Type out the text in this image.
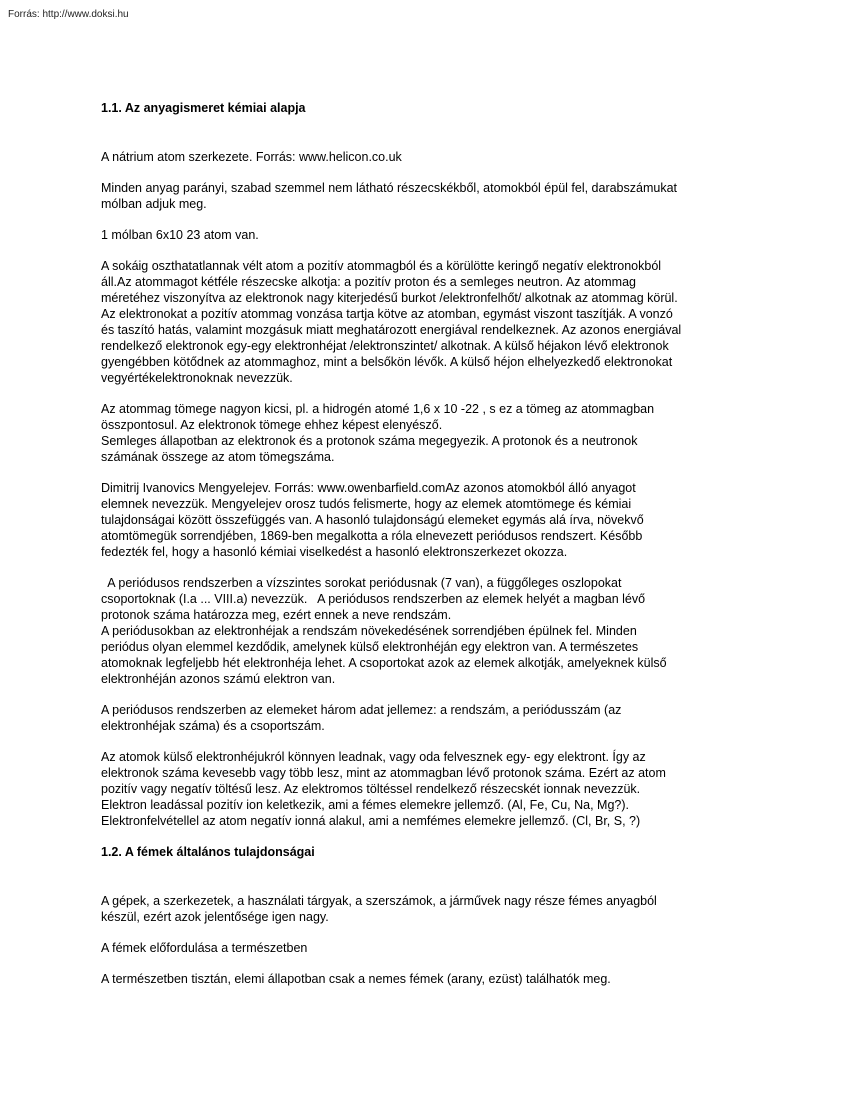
Forrás: http://www.doksi.hu
1.1. Az anyagismeret kémiai alapja
A nátrium atom szerkezete. Forrás: www.helicon.co.uk
Minden anyag parányi, szabad szemmel nem látható részecskékből, atomokból épül fel, darabszámukat
mólban adjuk meg.
1 mólban 6x10 23 atom van.
A sokáig oszthatatlannak vélt atom a pozitív atommagból és a körülötte keringő negatív elektronokból
áll.Az atommagot kétféle részecske alkotja: a pozitív proton és a semleges neutron. Az atommag
méretéhez viszonyítva az elektronok nagy kiterjedésű burkot /elektronfelhőt/ alkotnak az atommag körül.
Az elektronokat a pozitív atommag vonzása tartja kötve az atomban, egymást viszont taszítják. A vonzó
és taszító hatás, valamint mozgásuk miatt meghatározott energiával rendelkeznek. Az azonos energiával
rendelkező elektronok egy-egy elektronhéjat /elektronszintet/ alkotnak. A külső héjakon lévő elektronok
gyengébben kötődnek az atommaghoz, mint a belsőkön lévők. A külső héjon elhelyezkedő elektronokat
vegyértékelektronoknak nevezzük.
Az atommag tömege nagyon kicsi, pl. a hidrogén atomé 1,6 x 10 -22 , s ez a tömeg az atommagban
összpontosul. Az elektronok tömege ehhez képest elenyésző.
Semleges állapotban az elektronok és a protonok száma megegyezik. A protonok és a neutronok
számának összege az atom tömegszáma.
Dimitrij Ivanovics Mengyelejev. Forrás: www.owenbarfield.comAz azonos atomokból álló anyagot
elemnek nevezzük. Mengyelejev orosz tudós felismerte, hogy az elemek atomtömege és kémiai
tulajdonságai között összefüggés van. A hasonló tulajdonságú elemeket egymás alá írva, növekvő
atomtömegük sorrendjében, 1869-ben megalkotta a róla elnevezett periódusos rendszert. Később
fedezték fel, hogy a hasonló kémiai viselkedést a hasonló elektronszerkezet okozza.
A periódusos rendszerben a vízszintes sorokat periódusnak (7 van), a függőleges oszlopokat
csoportoknak (I.a ... VIII.a) nevezzük.   A periódusos rendszerben az elemek helyét a magban lévő
protonok száma határozza meg, ezért ennek a neve rendszám.
A periódusokban az elektronhéjak a rendszám növekedésének sorrendjében épülnek fel. Minden
periódus olyan elemmel kezdődik, amelynek külső elektronhéján egy elektron van. A természetes
atomoknak legfeljebb hét elektronhéja lehet. A csoportokat azok az elemek alkotják, amelyeknek külső
elektronhéján azonos számú elektron van.
A periódusos rendszerben az elemeket három adat jellemez: a rendszám, a periódusszám (az
elektronhéjak száma) és a csoportszám.
Az atomok külső elektronhéjukról könnyen leadnak, vagy oda felvesznek egy- egy elektront. Így az
elektronok száma kevesebb vagy több lesz, mint az atommagban lévő protonok száma. Ezért az atom
pozitív vagy negatív töltésű lesz. Az elektromos töltéssel rendelkező részecskét ionnak nevezzük.
Elektron leadással pozitív ion keletkezik, ami a fémes elemekre jellemző. (Al, Fe, Cu, Na, Mg?).
Elektronfelvétellel az atom negatív ionná alakul, ami a nemfémes elemekre jellemző. (Cl, Br, S, ?)
1.2. A fémek általános tulajdonságai
A gépek, a szerkezetek, a használati tárgyak, a szerszámok, a járművek nagy része fémes anyagból
készül, ezért azok jelentősége igen nagy.
A fémek előfordulása a természetben
A természetben tisztán, elemi állapotban csak a nemes fémek (arany, ezüst) találhatók meg.
